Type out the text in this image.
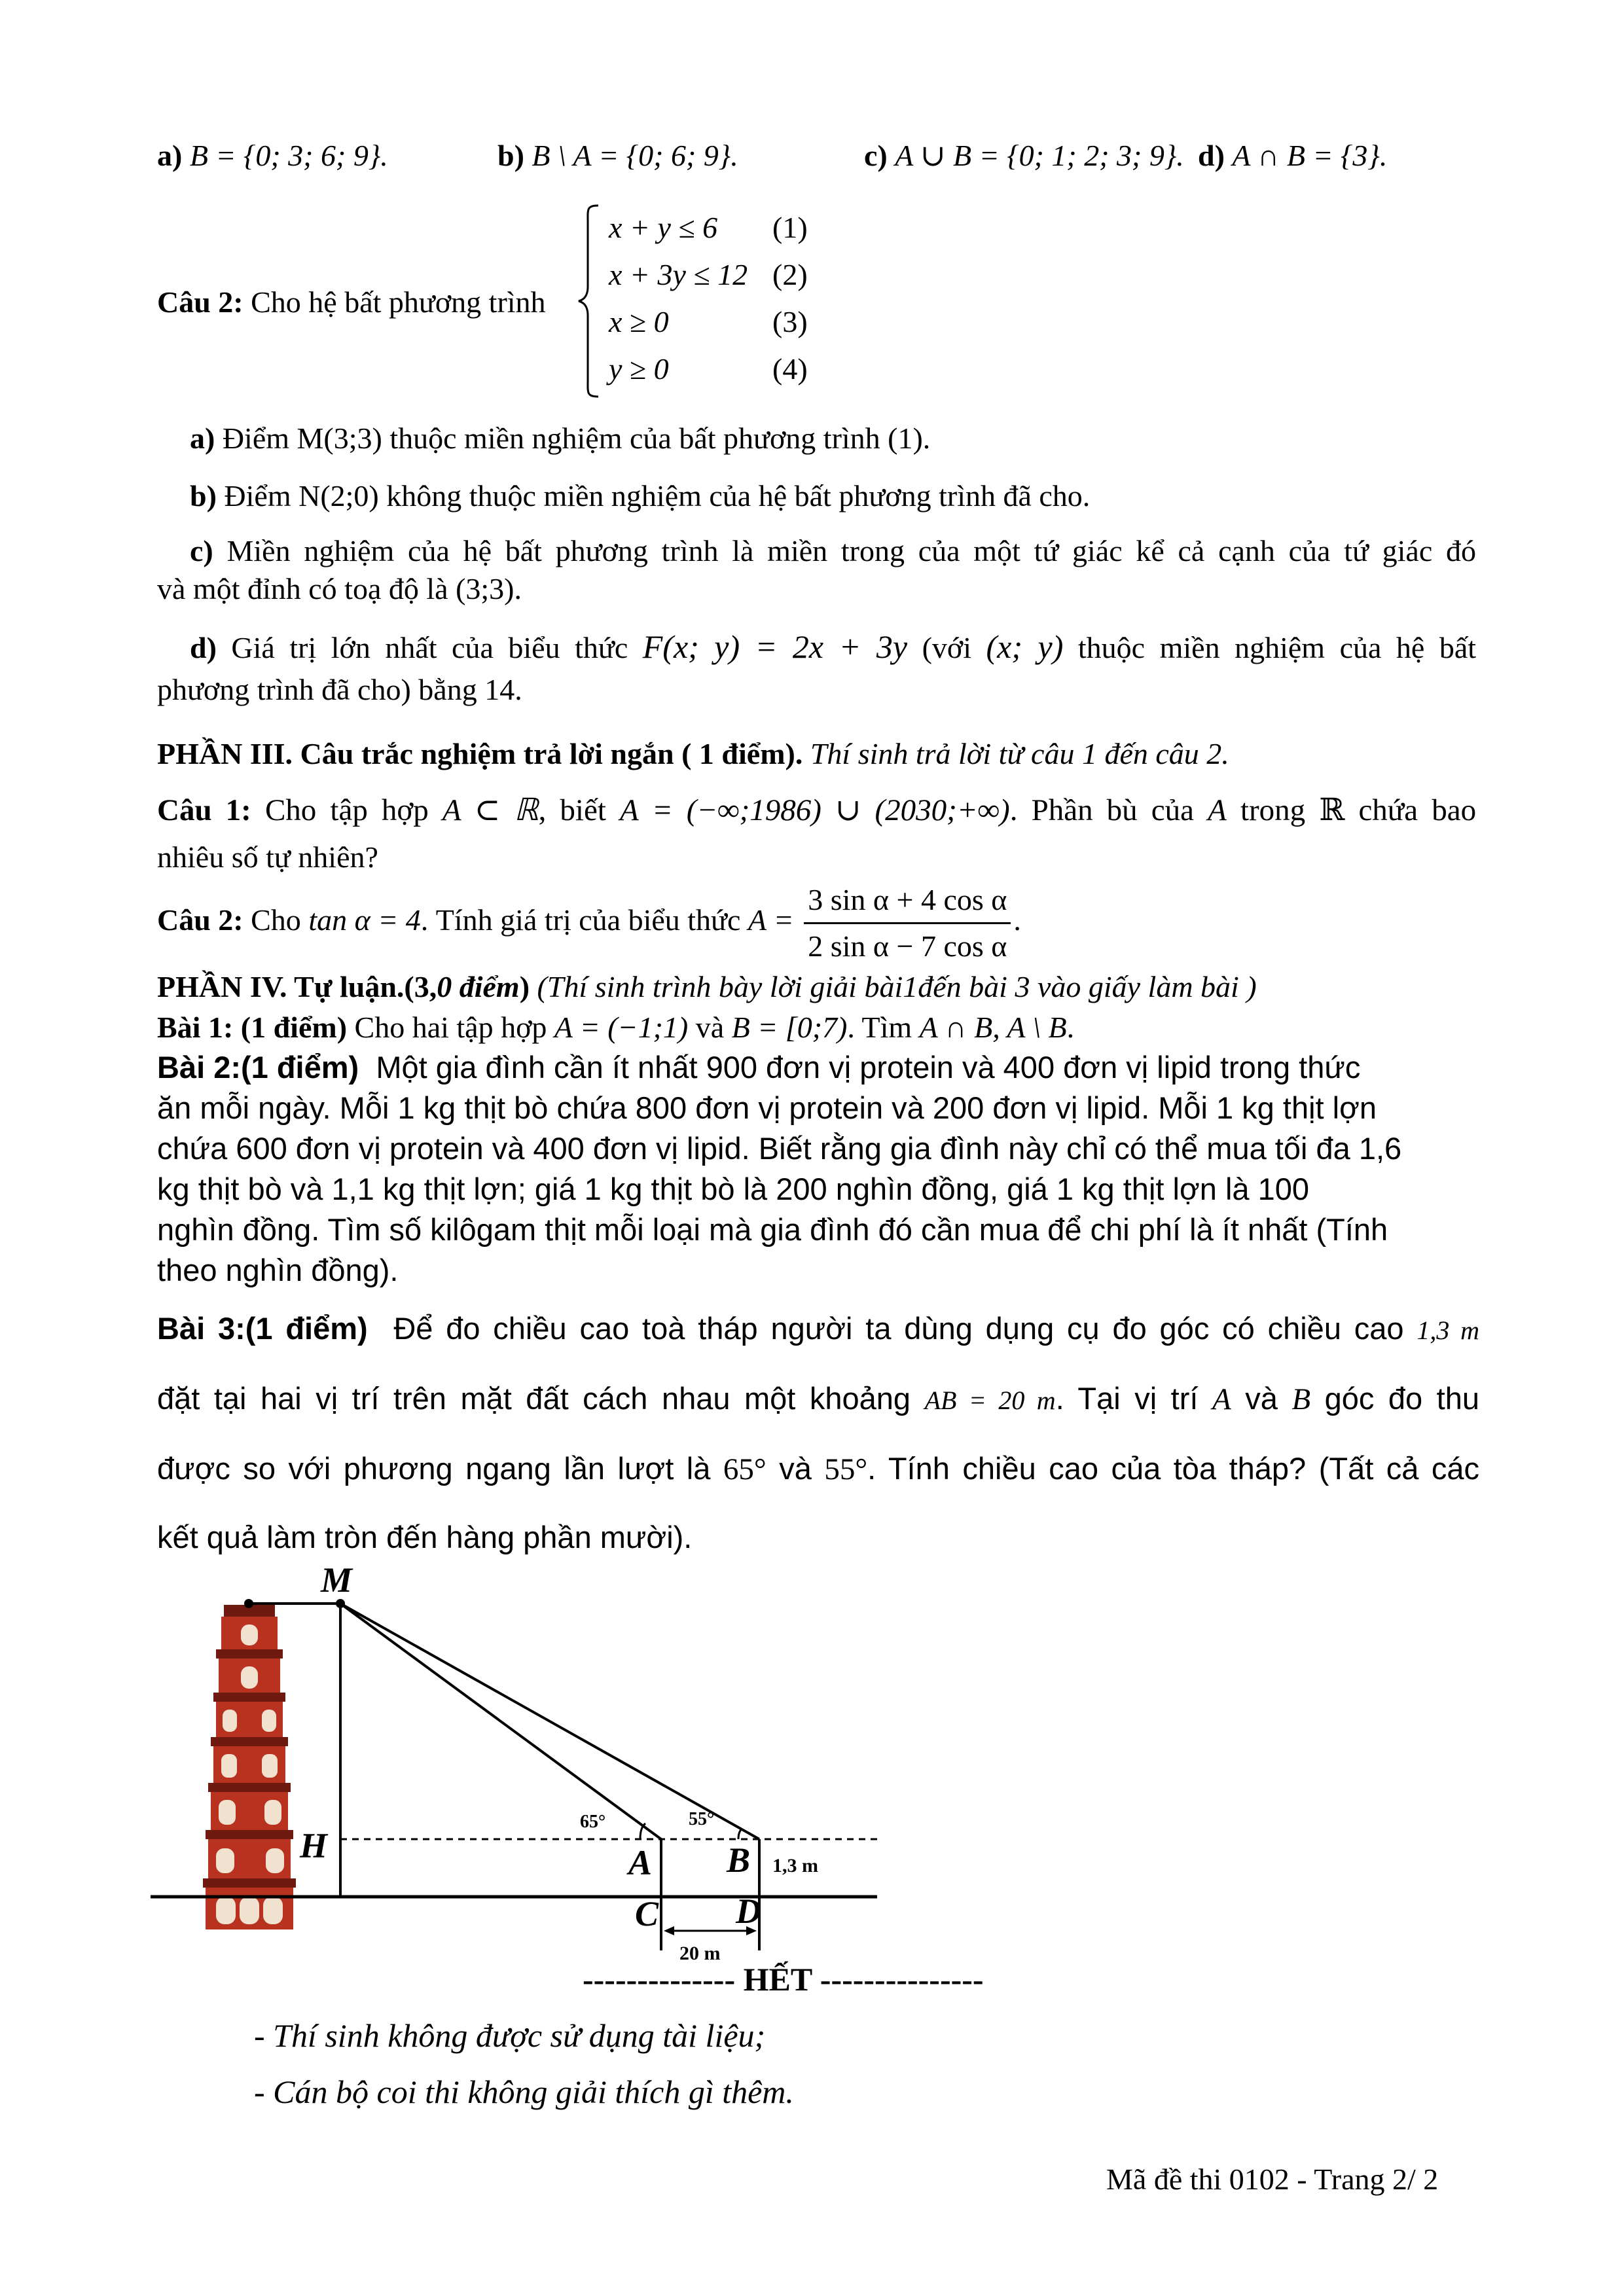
a) B = {0; 3; 6; 9}.	b) B \ A = {0; 6; 9}.	c) A ∪ B = {0; 1; 2; 3; 9}. d) A ∩ B = {3}.
Câu 2: Cho hệ bất phương trình
x + y ≤ 6 (1)
x + 3y ≤ 12 (2)
x ≥ 0	(3)
y ≥ 0	(4)
a) Điểm M(3;3) thuộc miền nghiệm của bất phương trình (1).
b) Điểm N(2;0) không thuộc miền nghiệm của hệ bất phương trình đã cho.
c) Miền nghiệm của hệ bất phương trình là miền trong của một tứ giác kể cả cạnh của tứ giác đó
và một đỉnh có toạ độ là (3;3).
d) Giá trị lớn nhất của biểu thức F(x; y) = 2x + 3y (với (x; y) thuộc miền nghiệm của hệ bất
phương trình đã cho) bằng 14.
PHẦN III. Câu trắc nghiệm trả lời ngắn ( 1 điểm). Thí sinh trả lời từ câu 1 đến câu 2.
Câu 1: Cho tập hợp A ⊂ ℝ, biết A = (−∞;1986) ∪ (2030;+∞). Phần bù của A trong ℝ chứa bao
nhiêu số tự nhiên?
Câu 2: Cho tan α = 4. Tính giá trị của biểu thức $A = \frac{\text{3 sin α + 4 cos α}}{\text{2 sin α − 7 cos α}}$ .
PHẦN IV. Tự luận.(3,0 điểm) (Thí sinh trình bày lời giải bài1đến bài 3 vào giấy làm bài )
Bài 1: (1 điểm) Cho hai tập hợp A = (−1;1) và B = [0;7). Tìm A ∩ B, A \ B.
Bài 2:(1 điểm) Một gia đình cần ít nhất 900 đơn vị protein và 400 đơn vị lipid trong thức
ăn mỗi ngày. Mỗi 1 kg thịt bò chứa 800 đơn vị protein và 200 đơn vị lipid. Mỗi 1 kg thịt lợn
chứa 600 đơn vị protein và 400 đơn vị lipid. Biết rằng gia đình này chỉ có thể mua tối đa 1,6
kg thịt bò và 1,1 kg thịt lợn; giá 1 kg thịt bò là 200 nghìn đồng, giá 1 kg thịt lợn là 100
nghìn đồng. Tìm số kilôgam thịt mỗi loại mà gia đình đó cần mua để chi phí là ít nhất (Tính
theo nghìn đồng).
Bài 3:(1 điểm) Để đo chiều cao toà tháp người ta dùng dụng cụ đo góc có chiều cao 1,3 m
đặt tại hai vị trí trên mặt đất cách nhau một khoảng AB = 20 m. Tại vị trí A và B góc đo thu
được so với phương ngang lần lượt là 65° và 55°. Tính chiều cao của tòa tháp? (Tất cả các
kết quả làm tròn đến hàng phần mười).
M
H	A B
C D
65°	55°
1,3 m
20 m
-------------- HẾT ---------------
- Thí sinh không được sử dụng tài liệu;
- Cán bộ coi thi không giải thích gì thêm.
Mã đề thi 0102 - Trang 2/ 2
